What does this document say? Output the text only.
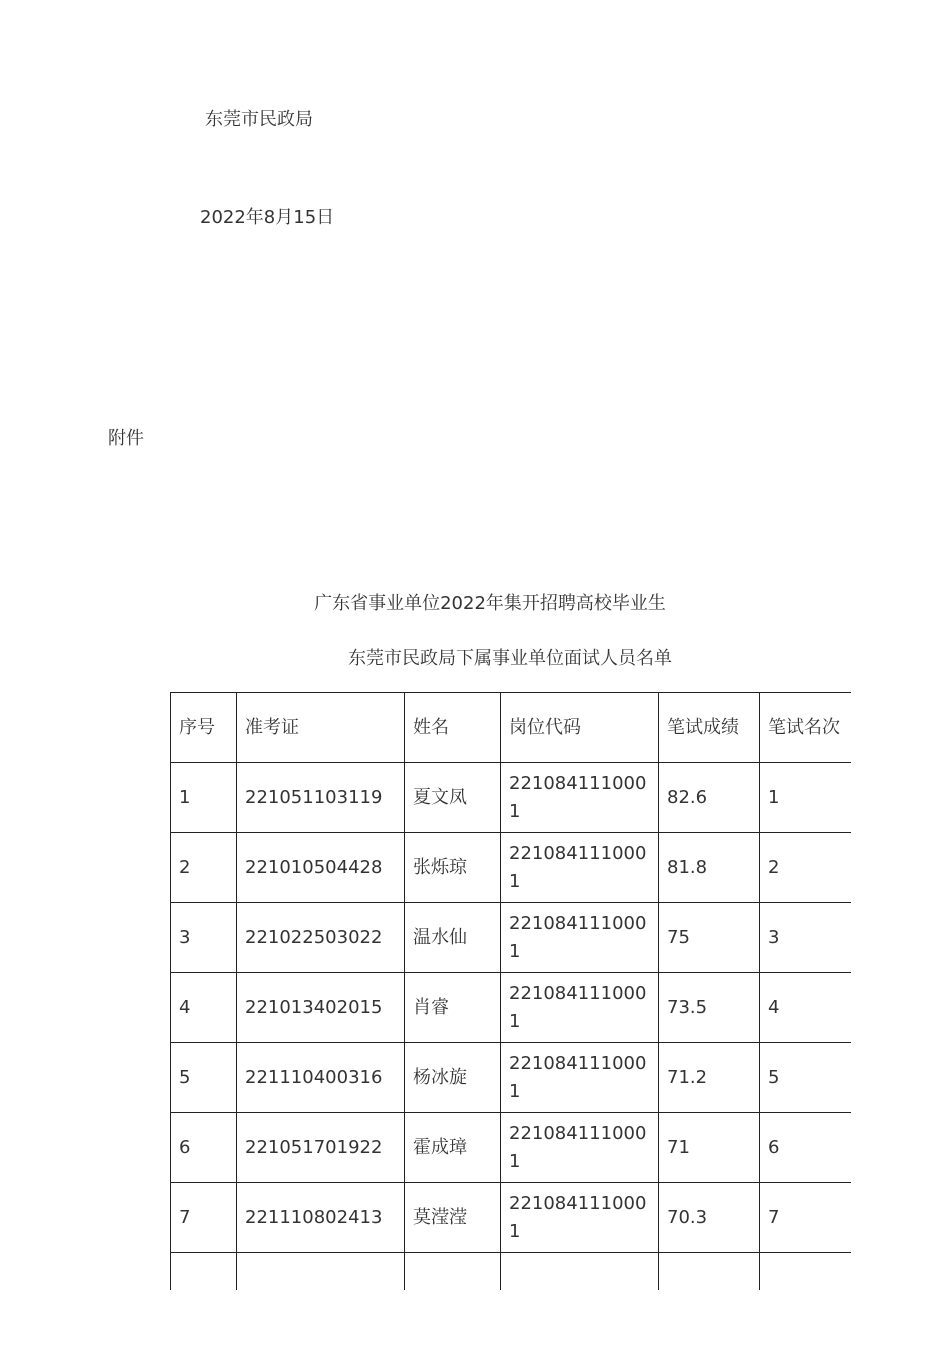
东莞市民政局
2022年8月15日
附件
广东省事业单位2022年集开招聘高校毕业生
东莞市民政局下属事业单位面试人员名单
序号	准考证	姓名	岗位代码	笔试成绩	笔试名次
1	221051103119	夏文凤	2210841110001	82.6	1
2	221010504428	张烁琼	2210841110001	81.8	2
3	221022503022	温水仙	2210841110001	75	3
4	221013402015	肖睿	2210841110001	73.5	4
5	221110400316	杨冰旋	2210841110001	71.2	5
6	221051701922	霍成璋	2210841110001	71	6
7	221110802413	莫滢滢	2210841110001	70.3	7
